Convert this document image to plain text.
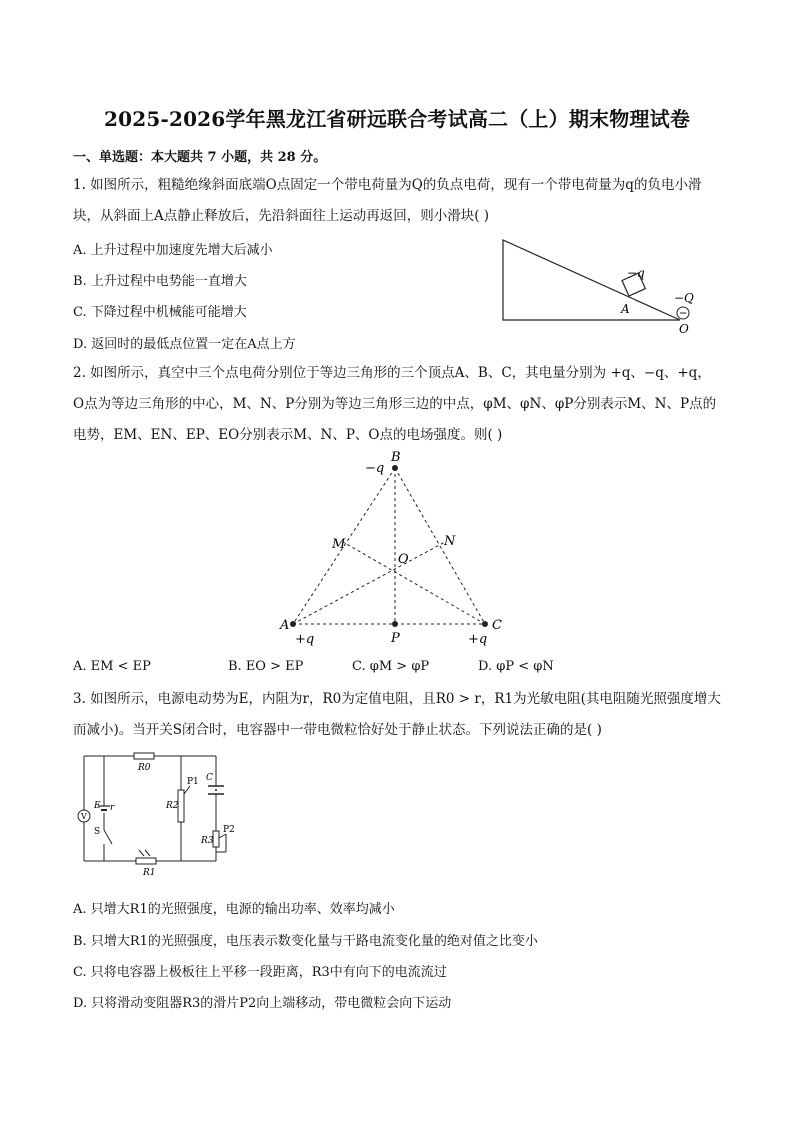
2025-2026学年黑龙江省研远联合考试高二（上）期末物理试卷
一、单选题：本大题共 7 小题，共 28 分。
1. 如图所示，粗糙绝缘斜面底端O点固定一个带电荷量为Q的负点电荷，现有一个带电荷量为q的负电小滑
块，从斜面上A点静止释放后，先沿斜面往上运动再返回，则小滑块( )
A. 上升过程中加速度先增大后减小
B. 上升过程中电势能一直增大
C. 下降过程中机械能可能增大
D. 返回时的最低点位置一定在A点上方
−q
A
−Q
O
2. 如图所示，真空中三个点电荷分别位于等边三角形的三个顶点A、B、C，其电量分别为 +q、−q、+q，
O点为等边三角形的中心，M、N、P分别为等边三角形三边的中点，φM、φN、φP分别表示M、N、P点的
电势，EM、EN、EP、EO分别表示M、N、P、O点的电场强度。则( )
B
−q
M	N
O
A
+q	P
C
+q
A. EM < EP	B. EO > EP	C. φM > φP	D. φP < φN
3. 如图所示，电源电动势为E，内阻为r，R0为定值电阻，且R0 > r，R1为光敏电阻(其电阻随光照强度增大
而减小)。当开关S闭合时，电容器中一带电微粒恰好处于静止状态。下列说法正确的是( )
R0
E r
V
S
R1
R2
P1 C
R3
P2
A. 只增大R1的光照强度，电源的输出功率、效率均减小
B. 只增大R1的光照强度，电压表示数变化量与干路电流变化量的绝对值之比变小
C. 只将电容器上极板往上平移一段距离，R3中有向下的电流流过
D. 只将滑动变阻器R3的滑片P2向上端移动，带电微粒会向下运动
